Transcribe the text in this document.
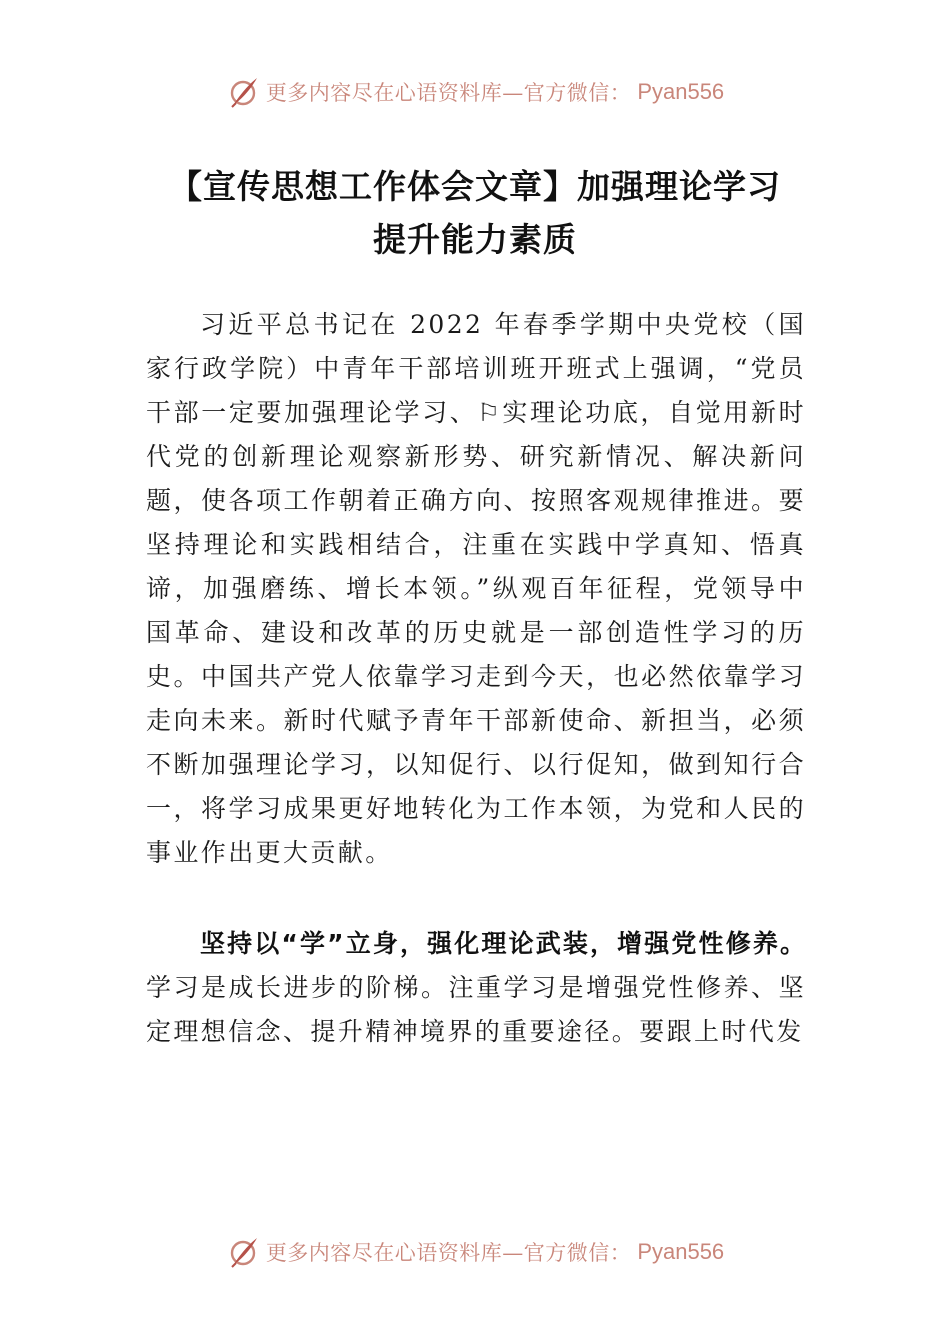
更多内容尽在心语资料库—官方微信： Pyan556
【宣传思想工作体会文章】加强理论学习
提升能力素质
习近平总书记在 2022 年春季学期中央党校（国家行政学院）中青年干部培训班开班式上强调，“党员干部一定要加强理论学习、⚐实理论功底，自觉用新时代党的创新理论观察新形势、研究新情况、解决新问题，使各项工作朝着正确方向、按照客观规律推进。要坚持理论和实践相结合，注重在实践中学真知、悟真谛，加强磨练、增长本领。”纵观百年征程，党领导中国革命、建设和改革的历史就是一部创造性学习的历史。中国共产党人依靠学习走到今天，也必然依靠学习走向未来。新时代赋予青年干部新使命、新担当，必须不断加强理论学习，以知促行、以行促知，做到知行合一，将学习成果更好地转化为工作本领，为党和人民的事业作出更大贡献。
坚持以“学”立身，强化理论武装，增强党性修养。学习是成长进步的阶梯。注重学习是增强党性修养、坚定理想信念、提升精神境界的重要途径。要跟上时代发
更多内容尽在心语资料库—官方微信： Pyan556
